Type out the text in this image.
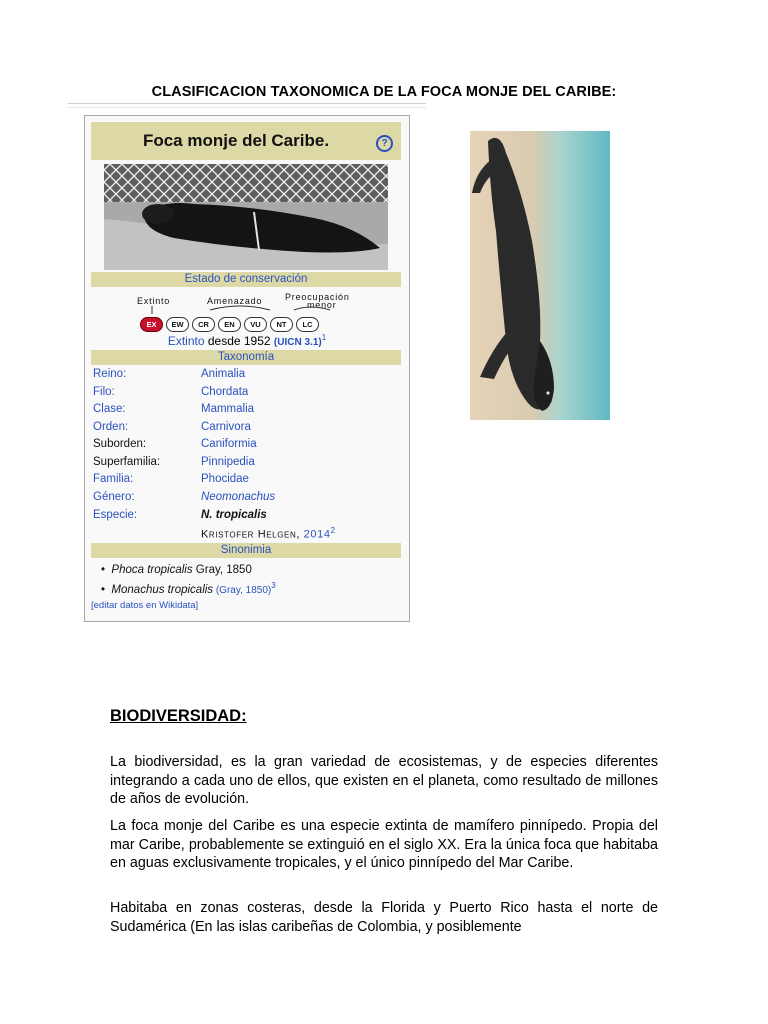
CLASIFICACION TAXONOMICA DE LA FOCA MONJE DEL CARIBE:
Foca monje del Caribe.	?
Estado de conservación
Extinto	Amenazado	Preocupación
menor
EX EW CR EN VU NT LC
Extinto desde 1952 (UICN 3.1)$^1$
Taxonomía
Reino:	Animalia
Filo:	Chordata
Clase:	Mammalia
Orden:	Carnivora
Suborden:	Caniformia
Superfamilia:	Pinnipedia
Familia:	Phocidae
Género:	Neomonachus
Especie:	N. tropicalis
Kristofer Helgen, 2014$^2$
Sinonimia
•  Phoca tropicalis Gray, 1850
•  Monachus tropicalis (Gray, 1850)$^3$
[editar datos en Wikidata]
BIODIVERSIDAD:
La biodiversidad, es la gran variedad de ecosistemas, y de especies diferentes integrando a cada uno de ellos, que existen en el planeta, como resultado de millones de años de evolución.
La foca monje del Caribe es una especie extinta de mamífero pinnípedo. Propia del mar Caribe, probablemente se extinguió en el siglo XX. Era la única foca que habitaba en aguas exclusivamente tropicales, y el único pinnípedo del Mar Caribe.
Habitaba en zonas costeras, desde la Florida y Puerto Rico hasta el norte de Sudamérica (En las islas caribeñas de Colombia, y posiblemente
